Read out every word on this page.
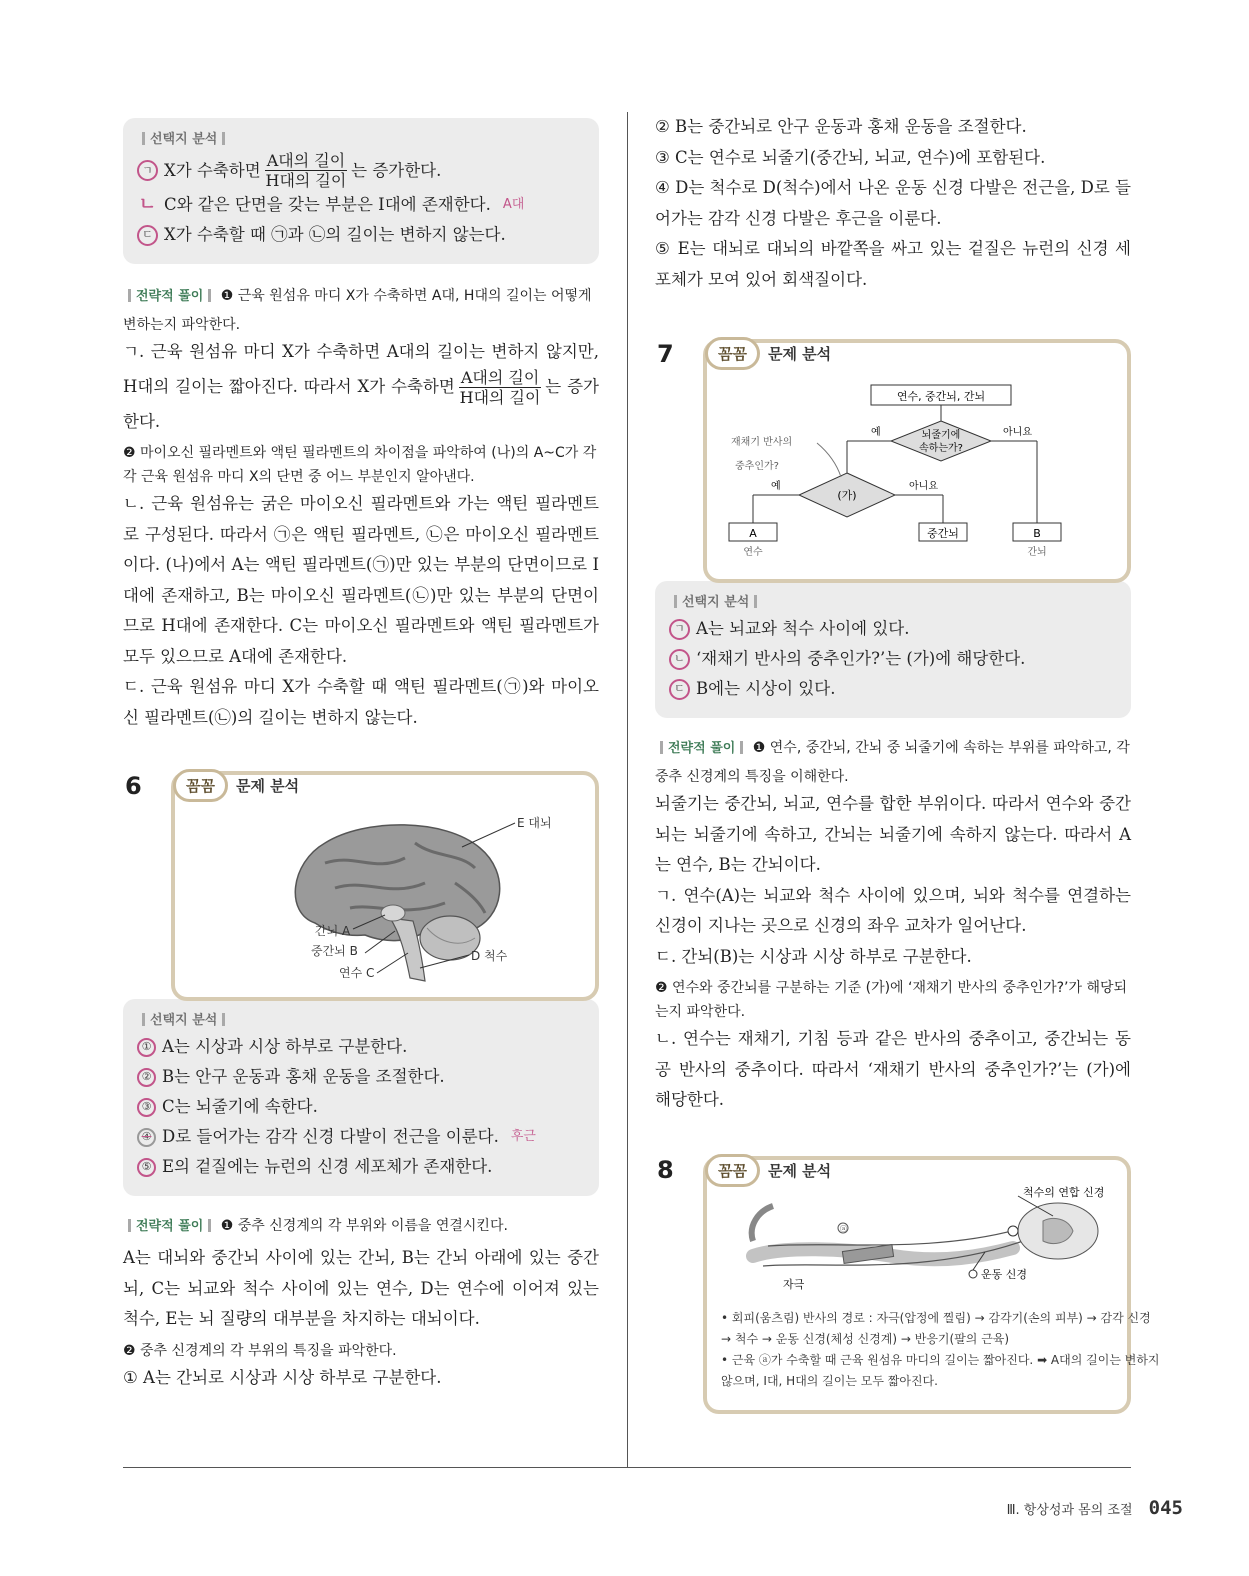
선택지 분석
ㄱ X가 수축하면 $\frac{\text{A대의 길이}}{\text{H대의 길이}}$ 는 증가한다.
ㄴ C와 같은 단면을 갖는 부분은 I대에 존재한다. A대
ㄷ X가 수축할 때 ㉠과 ㉡의 길이는 변하지 않는다.
전략적 풀이 ❶ 근육 원섬유 마디 X가 수축하면 A대, H대의 길이는 어떻게 변하는지 파악한다.
ㄱ. 근육 원섬유 마디 X가 수축하면 A대의 길이는 변하지 않지만, H대의 길이는 짧아진다. 따라서 X가 수축하면 $\frac{\text{A대의 길이}}{\text{H대의 길이}}$ 는 증가한다.
❷ 마이오신 필라멘트와 액틴 필라멘트의 차이점을 파악하여 (나)의 A~C가 각각 근육 원섬유 마디 X의 단면 중 어느 부분인지 알아낸다.
ㄴ. 근육 원섬유는 굵은 마이오신 필라멘트와 가는 액틴 필라멘트로 구성된다. 따라서 ㉠은 액틴 필라멘트, ㉡은 마이오신 필라멘트이다. (나)에서 A는 액틴 필라멘트(㉠)만 있는 부분의 단면이므로 I대에 존재하고, B는 마이오신 필라멘트(㉡)만 있는 부분의 단면이므로 H대에 존재한다. C는 마이오신 필라멘트와 액틴 필라멘트가 모두 있으므로 A대에 존재한다.
ㄷ. 근육 원섬유 마디 X가 수축할 때 액틴 필라멘트(㉠)와 마이오신 필라멘트(㉡)의 길이는 변하지 않는다.
6	꼼꼼	문제 분석
E 대뇌
간뇌 A
중간뇌 B
연수 C
D 척수
선택지 분석
① A는 시상과 시상 하부로 구분한다.
② B는 안구 운동과 홍채 운동을 조절한다.
③ C는 뇌줄기에 속한다.
④ D로 들어가는 감각 신경 다발이 전근을 이룬다. 후근
⑤ E의 겉질에는 뉴런의 신경 세포체가 존재한다.
전략적 풀이 ❶ 중추 신경계의 각 부위와 이름을 연결시킨다.
A는 대뇌와 중간뇌 사이에 있는 간뇌, B는 간뇌 아래에 있는 중간뇌, C는 뇌교와 척수 사이에 있는 연수, D는 연수에 이어져 있는 척수, E는 뇌 질량의 대부분을 차지하는 대뇌이다.
❷ 중추 신경계의 각 부위의 특징을 파악한다.
① A는 간뇌로 시상과 시상 하부로 구분한다.
② B는 중간뇌로 안구 운동과 홍채 운동을 조절한다.
③ C는 연수로 뇌줄기(중간뇌, 뇌교, 연수)에 포함된다.
④ D는 척수로 D(척수)에서 나온 운동 신경 다발은 전근을, D로 들어가는 감각 신경 다발은 후근을 이룬다.
⑤ E는 대뇌로 대뇌의 바깥쪽을 싸고 있는 겉질은 뉴런의 신경 세포체가 모여 있어 회색질이다.
7	꼼꼼	문제 분석
연수, 중간뇌, 간뇌
뇌줄기에
속하는가?
예	아니요
(가)
예	아니요
재채기 반사의
중추인가?
A
연수
중간뇌	B
간뇌
선택지 분석
ㄱ A는 뇌교와 척수 사이에 있다.
ㄴ ‘재채기 반사의 중추인가?’는 (가)에 해당한다.
ㄷ B에는 시상이 있다.
전략적 풀이 ❶ 연수, 중간뇌, 간뇌 중 뇌줄기에 속하는 부위를 파악하고, 각 중추 신경계의 특징을 이해한다.
뇌줄기는 중간뇌, 뇌교, 연수를 합한 부위이다. 따라서 연수와 중간뇌는 뇌줄기에 속하고, 간뇌는 뇌줄기에 속하지 않는다. 따라서 A는 연수, B는 간뇌이다.
ㄱ. 연수(A)는 뇌교와 척수 사이에 있으며, 뇌와 척수를 연결하는 신경이 지나는 곳으로 신경의 좌우 교차가 일어난다.
ㄷ. 간뇌(B)는 시상과 시상 하부로 구분한다.
❷ 연수와 중간뇌를 구분하는 기준 (가)에 ‘재채기 반사의 중추인가?’가 해당되는지 파악한다.
ㄴ. 연수는 재채기, 기침 등과 같은 반사의 중추이고, 중간뇌는 동공 반사의 중추이다. 따라서 ‘재채기 반사의 중추인가?’는 (가)에 해당한다.
8	꼼꼼	문제 분석
ⓐ
척수의 연합 신경
자극
운동 신경
• 회피(움츠림) 반사의 경로 : 자극(압정에 찔림) → 감각기(손의 피부) → 감각 신경 → 척수 → 운동 신경(체성 신경계) → 반응기(팔의 근육)
• 근육 ⓐ가 수축할 때 근육 원섬유 마디의 길이는 짧아진다. ➡ A대의 길이는 변하지 않으며, I대, H대의 길이는 모두 짧아진다.
Ⅲ. 항상성과 몸의 조절 045
